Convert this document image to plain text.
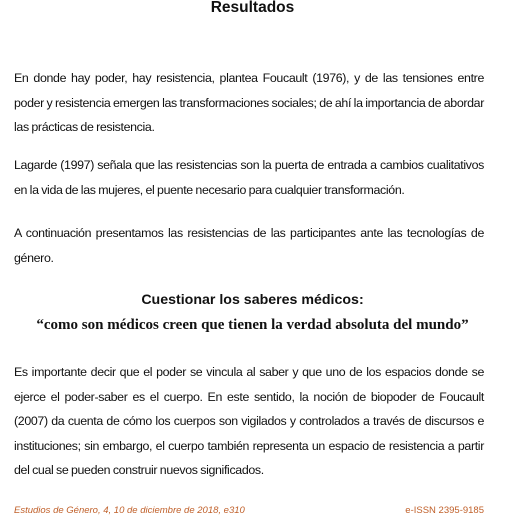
Resultados

En donde hay poder, hay resistencia, plantea Foucault (1976), y de las tensiones entre poder y resistencia emergen las transformaciones sociales; de ahí la importancia de abordar las prácticas de resistencia.

Lagarde (1997) señala que las resistencias son la puerta de entrada a cambios cualitativos en la vida de las mujeres, el puente necesario para cualquier transformación.

A continuación presentamos las resistencias de las participantes ante las tecnologías de género.

Cuestionar los saberes médicos:

“como son médicos creen que tienen la verdad absoluta del mundo”

Es importante decir que el poder se vincula al saber y que uno de los espacios donde se ejerce el poder-saber es el cuerpo. En este sentido, la noción de biopoder de Foucault (2007) da cuenta de cómo los cuerpos son vigilados y controlados a través de discursos e instituciones; sin embargo, el cuerpo también representa un espacio de resistencia a partir del cual se pueden construir nuevos significados.

Estudios de Género, 4, 10 de diciembre de 2018, e310	e-ISSN 2395-9185
